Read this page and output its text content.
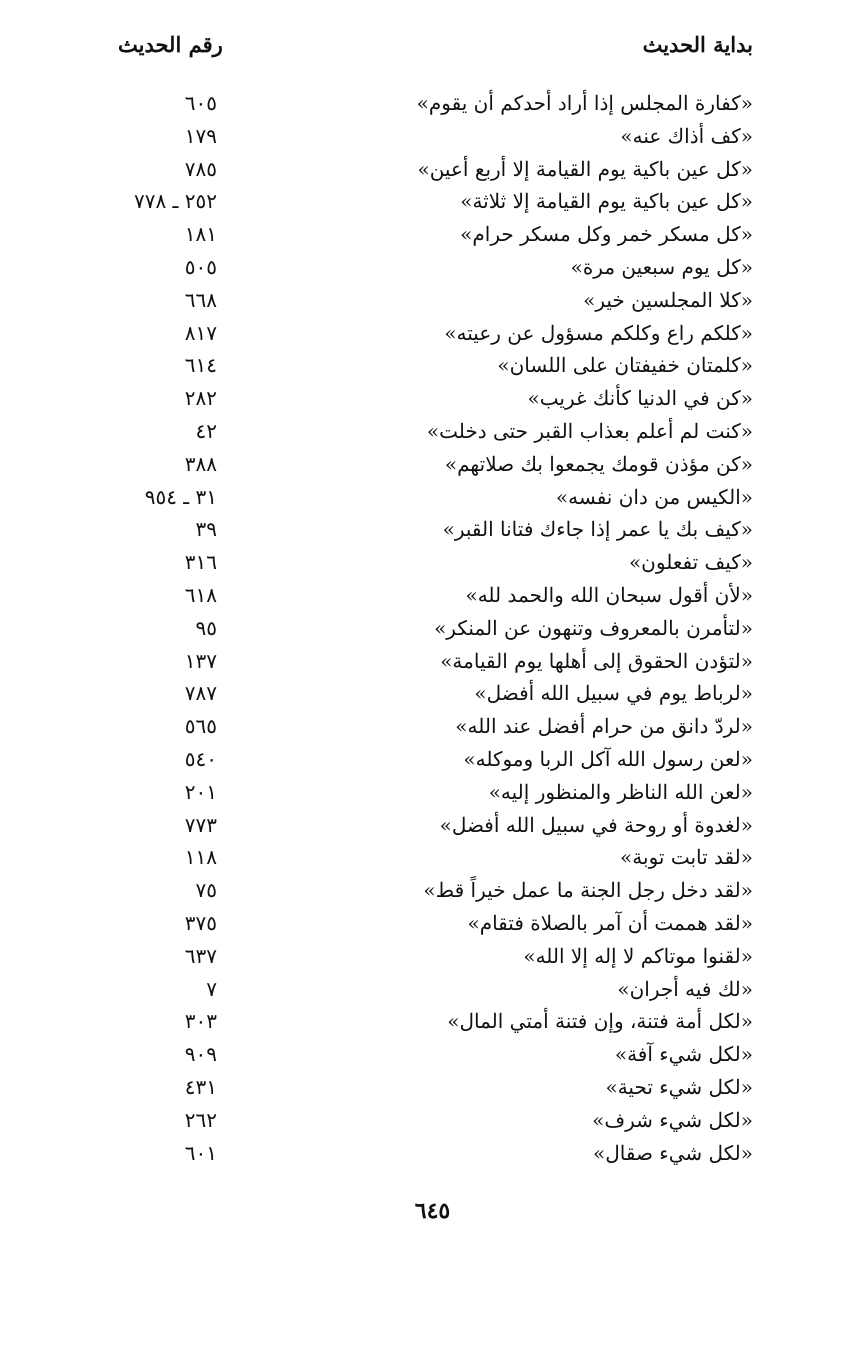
بداية الحديث
رقم الحديث
«كفارة المجلس إذا أراد أحدكم أن يقوم»
٦٠٥
«كف أذاك عنه»
١٧٩
«كل عين باكية يوم القيامة إلا أربع أعين»
٧٨٥
«كل عين باكية يوم القيامة إلا ثلاثة»
٢٥٢ ـ ٧٧٨
«كل مسكر خمر وكل مسكر حرام»
١٨١
«كل يوم سبعين مرة»
٥٠٥
«كلا المجلسين خير»
٦٦٨
«كلكم راع وكلكم مسؤول عن رعيته»
٨١٧
«كلمتان خفيفتان على اللسان»
٦١٤
«كن في الدنيا كأنك غريب»
٢٨٢
«كنت لم أعلم بعذاب القبر حتى دخلت»
٤٢
«كن مؤذن قومك يجمعوا بك صلاتهم»
٣٨٨
«الكيس من دان نفسه»
٣١ ـ ٩٥٤
«كيف بك يا عمر إذا جاءك فتانا القبر»
٣٩
«كيف تفعلون»
٣١٦
«لأن أقول سبحان الله والحمد لله»
٦١٨
«لتأمرن بالمعروف وتنهون عن المنكر»
٩٥
«لتؤدن الحقوق إلى أهلها يوم القيامة»
١٣٧
«لرباط يوم في سبيل الله أفضل»
٧٨٧
«لردّ دانق من حرام أفضل عند الله»
٥٦٥
«لعن رسول الله آكل الربا وموكله»
٥٤٠
«لعن الله الناظر والمنظور إليه»
٢٠١
«لغدوة أو روحة في سبيل الله أفضل»
٧٧٣
«لقد تابت توبة»
١١٨
«لقد دخل رجل الجنة ما عمل خيراً قط»
٧٥
«لقد هممت أن آمر بالصلاة فتقام»
٣٧٥
«لقنوا موتاكم لا إله إلا الله»
٦٣٧
«لك فيه أجران»
٧
«لكل أمة فتنة، وإن فتنة أمتي المال»
٣٠٣
«لكل شيء آفة»
٩٠٩
«لكل شيء تحية»
٤٣١
«لكل شيء شرف»
٢٦٢
«لكل شيء صقال»
٦٠١
٦٤٥
